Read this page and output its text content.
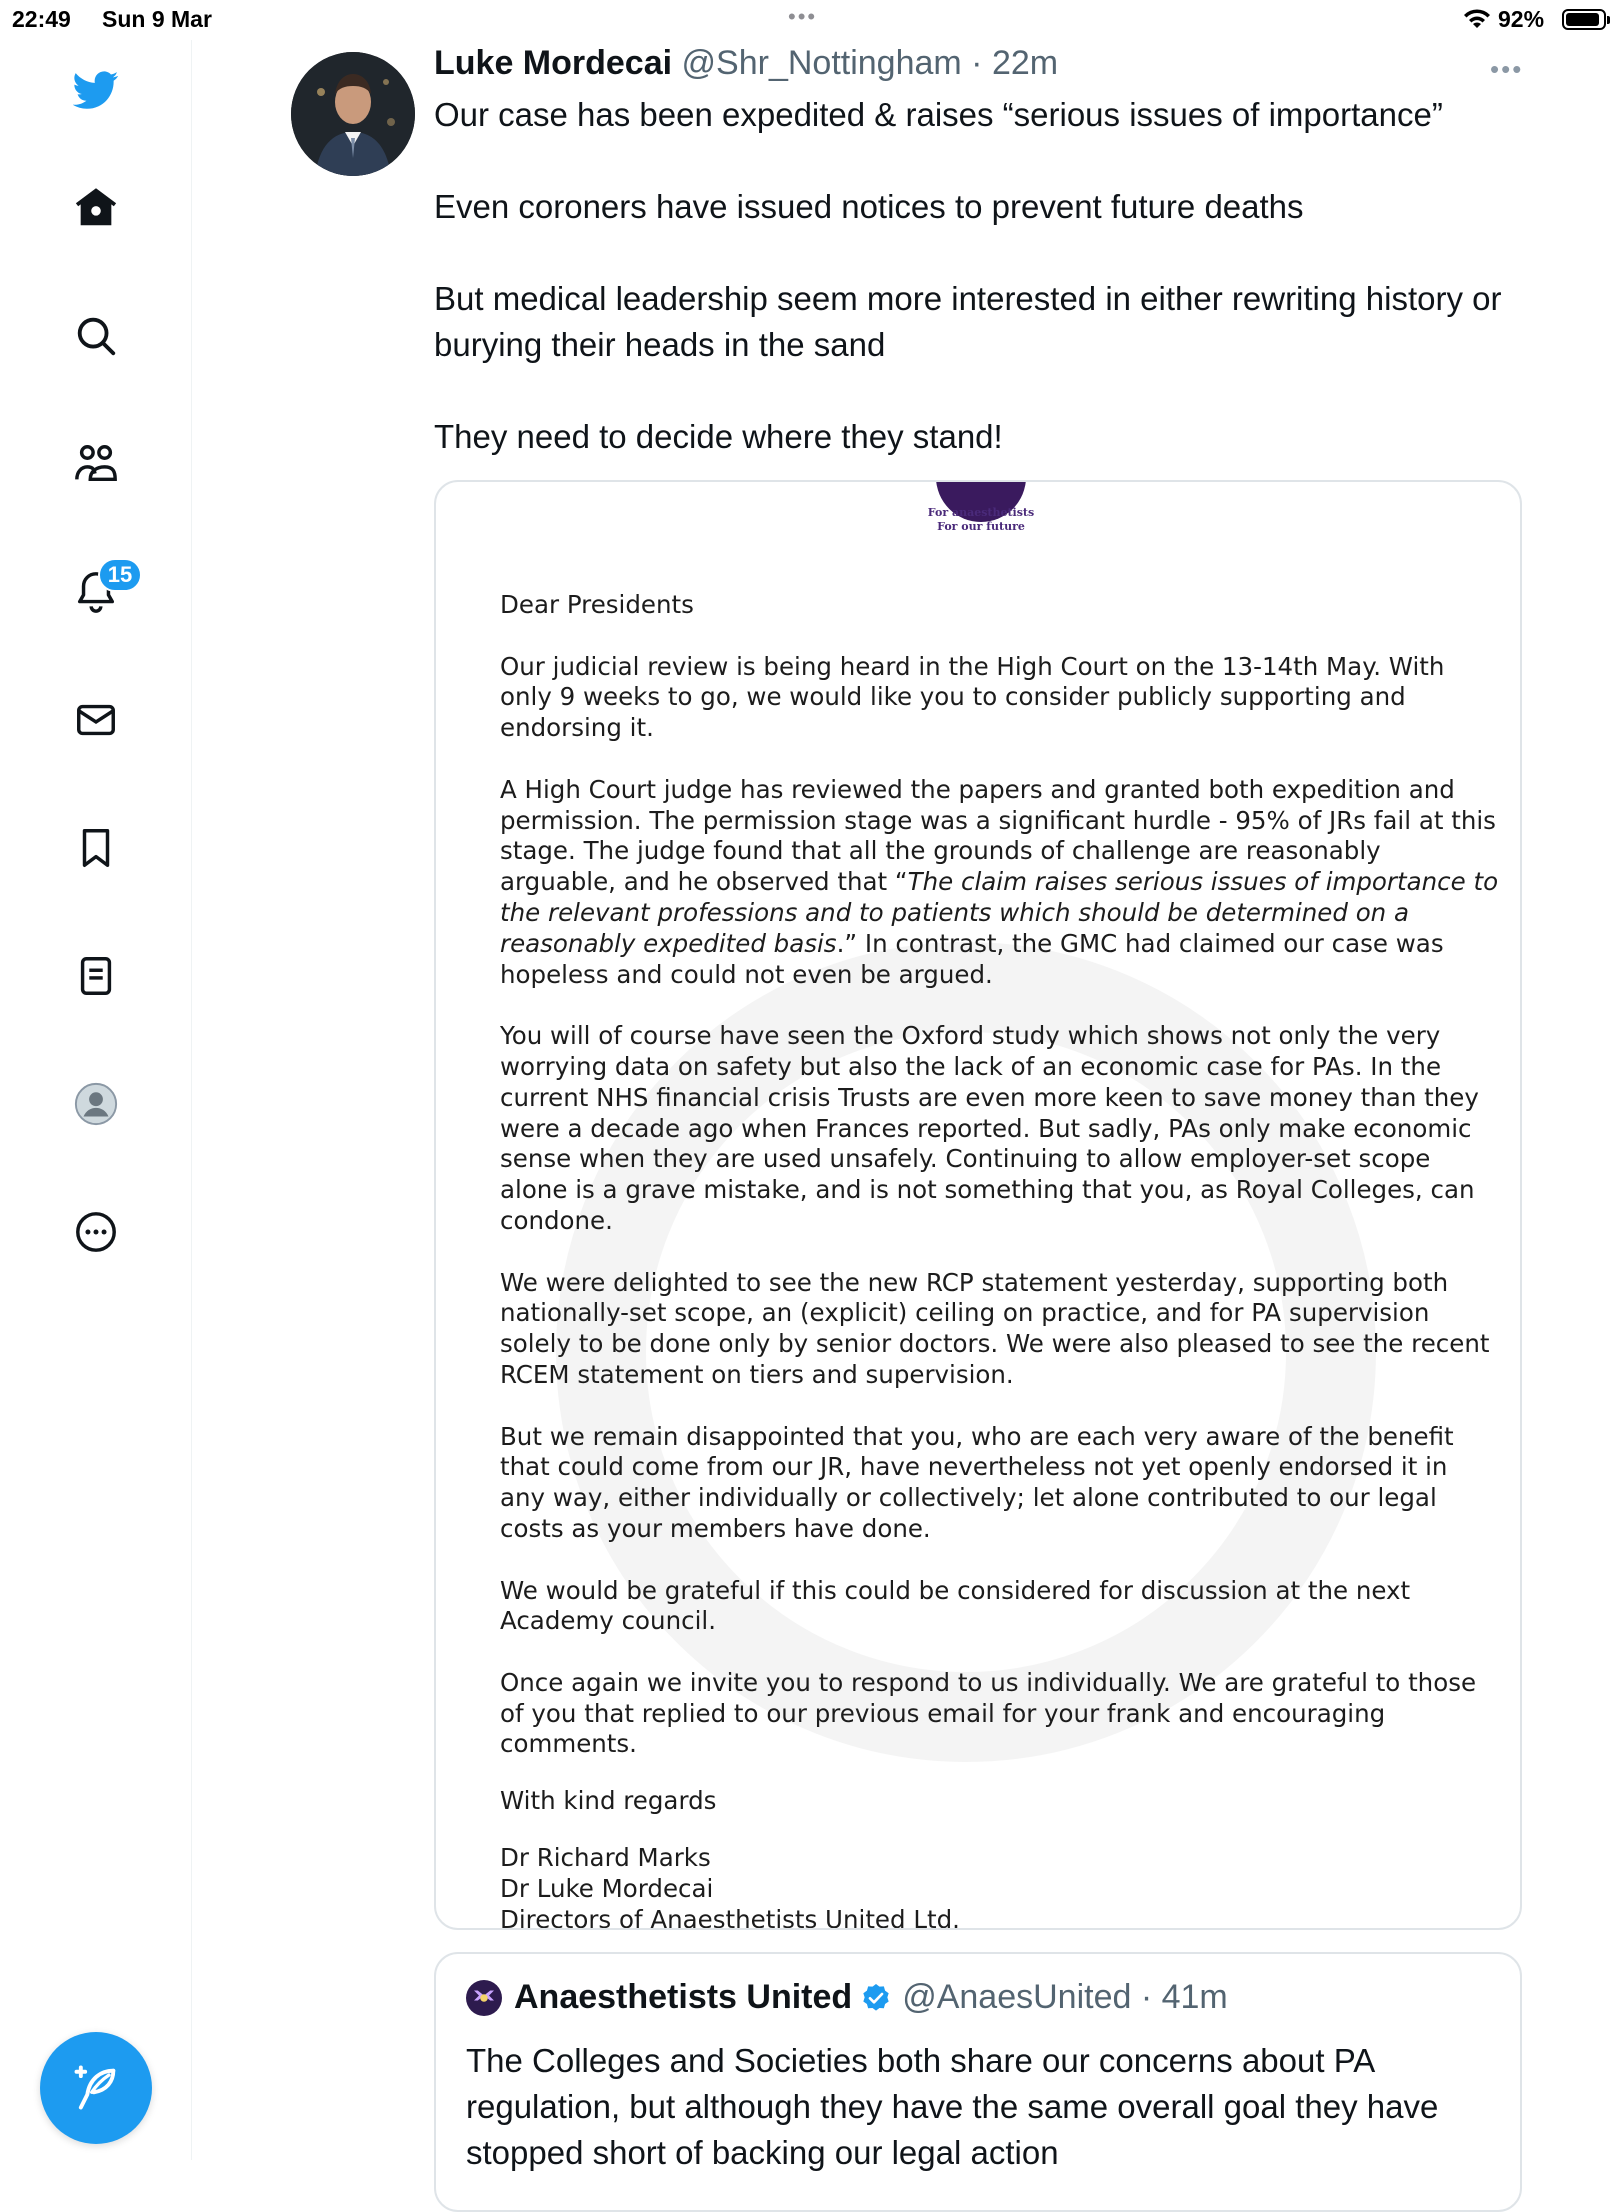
22:49 Sun 9 Mar	•••	92%
15
Luke Mordecai @Shr_Nottingham · 22m	•••

Our case has been expedited & raises “serious issues of importance”

Even coroners have issued notices to prevent future deaths

But medical leadership seem more interested in either rewriting history or burying their heads in the sand

They need to decide where they stand!

For anaesthetists
For our future

Dear Presidents

Our judicial review is being heard in the High Court on the 13-14th May. With only 9 weeks to go, we would like you to consider publicly supporting and endorsing it.

A High Court judge has reviewed the papers and granted both expedition and permission. The permission stage was a significant hurdle - 95% of JRs fail at this stage. The judge found that all the grounds of challenge are reasonably arguable, and he observed that “The claim raises serious issues of importance to the relevant professions and to patients which should be determined on a reasonably expedited basis.” In contrast, the GMC had claimed our case was hopeless and could not even be argued.

You will of course have seen the Oxford study which shows not only the very worrying data on safety but also the lack of an economic case for PAs. In the current NHS financial crisis Trusts are even more keen to save money than they were a decade ago when Frances reported. But sadly, PAs only make economic sense when they are used unsafely. Continuing to allow employer-set scope alone is a grave mistake, and is not something that you, as Royal Colleges, can condone.

We were delighted to see the new RCP statement yesterday, supporting both nationally-set scope, an (explicit) ceiling on practice, and for PA supervision solely to be done only by senior doctors. We were also pleased to see the recent RCEM statement on tiers and supervision.

But we remain disappointed that you, who are each very aware of the benefit that could come from our JR, have nevertheless not yet openly endorsed it in any way, either individually or collectively; let alone contributed to our legal costs as your members have done.

We would be grateful if this could be considered for discussion at the next Academy council.

Once again we invite you to respond to us individually. We are grateful to those of you that replied to our previous email for your frank and encouraging comments.

With kind regards

Dr Richard Marks
Dr Luke Mordecai
Directors of Anaesthetists United Ltd.
Anaesthetists United @AnaesUnited · 41m
The Colleges and Societies both share our concerns about PA regulation, but although they have the same overall goal they have stopped short of backing our legal action
